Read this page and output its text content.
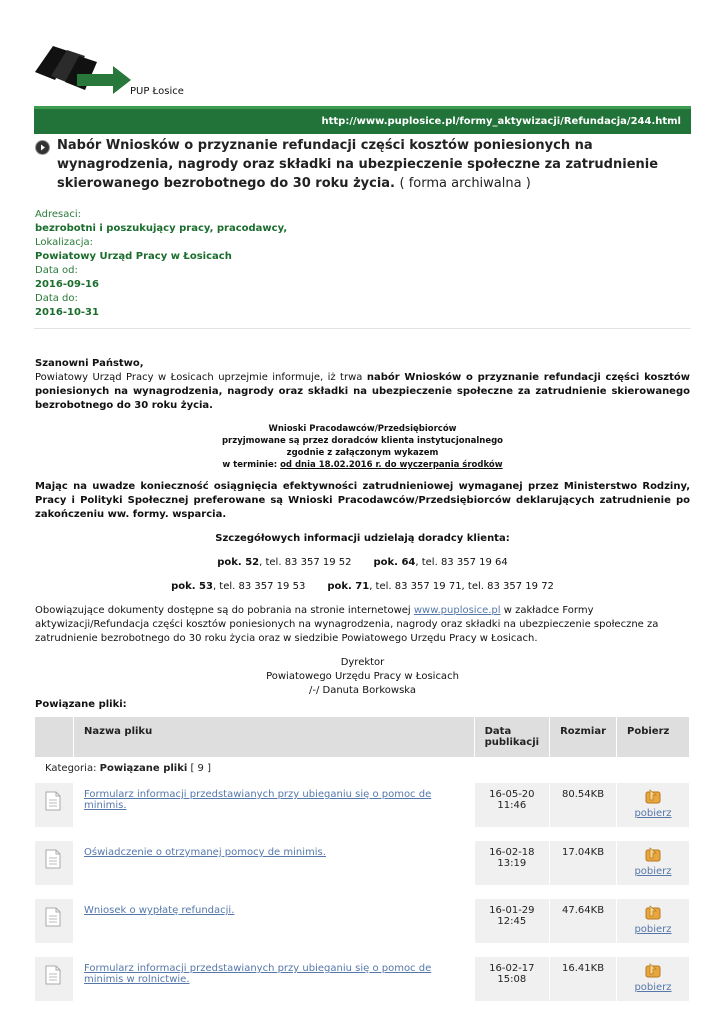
PUP Łosice
http://www.puplosice.pl/formy_aktywizacji/Refundacja/244.html
Nabór Wniosków o przyznanie refundacji części kosztów poniesionych na wynagrodzenia, nagrody oraz składki na ubezpieczenie społeczne za zatrudnienie skierowanego bezrobotnego do 30 roku życia. ( forma archiwalna )
Adresaci:
bezrobotni i poszukujący pracy, pracodawcy,
Lokalizacja:
Powiatowy Urząd Pracy w Łosicach
Data od:
2016-09-16
Data do:
2016-10-31

Szanowni Państwo,

Powiatowy Urząd Pracy w Łosicach uprzejmie informuje, iż trwa nabór Wniosków o przyznanie refundacji części kosztów poniesionych na wynagrodzenia, nagrody oraz składki na ubezpieczenie społeczne za zatrudnienie skierowanego bezrobotnego do 30 roku życia.

Wnioski Pracodawców/Przedsiębiorców

przyjmowane są przez doradców klienta instytucjonalnego

zgodnie z załączonym wykazem

w terminie: od dnia 18.02.2016 r. do wyczerpania środków

Mając na uwadze konieczność osiągnięcia efektywności zatrudnieniowej wymaganej przez Ministerstwo Rodziny, Pracy i Polityki Społecznej preferowane są Wnioski Pracodawców/Przedsiębiorców deklarujących zatrudnienie po zakończeniu ww. formy. wsparcia.

Szczegółowych informacji udzielają doradcy klienta:

pok. 52, tel. 83 357 19 52 pok. 64, tel. 83 357 19 64

pok. 53, tel. 83 357 19 53 pok. 71, tel. 83 357 19 71, tel. 83 357 19 72

Obowiązujące dokumenty dostępne są do pobrania na stronie internetowej www.puplosice.pl w zakładce Formy aktywizacji/Refundacja części kosztów poniesionych na wynagrodzenia, nagrody oraz składki na ubezpieczenie społeczne za zatrudnienie bezrobotnego do 30 roku życia oraz w siedzibie Powiatowego Urzędu Pracy w Łosicach.

Dyrektor

Powiatowego Urzędu Pracy w Łosicach

/-/ Danuta Borkowska

Powiązane pliki:

	Nazwa pliku	Data publikacji	Rozmiar	Pobierz
Kategoria: Powiązane pliki [ 9 ]				
	Formularz informacji przedstawianych przy ubieganiu się o pomoc de minimis.	16-05-20
11:46	80.54KB	pobierz

	Oświadczenie o otrzymanej pomocy de minimis.	16-02-18
13:19	17.04KB	pobierz

	Wniosek o wypłatę refundacji.	16-01-29
12:45	47.64KB	pobierz

	Formularz informacji przedstawianych przy ubieganiu się o pomoc de minimis w rolnictwie.	16-02-17
15:08	16.41KB	pobierz
